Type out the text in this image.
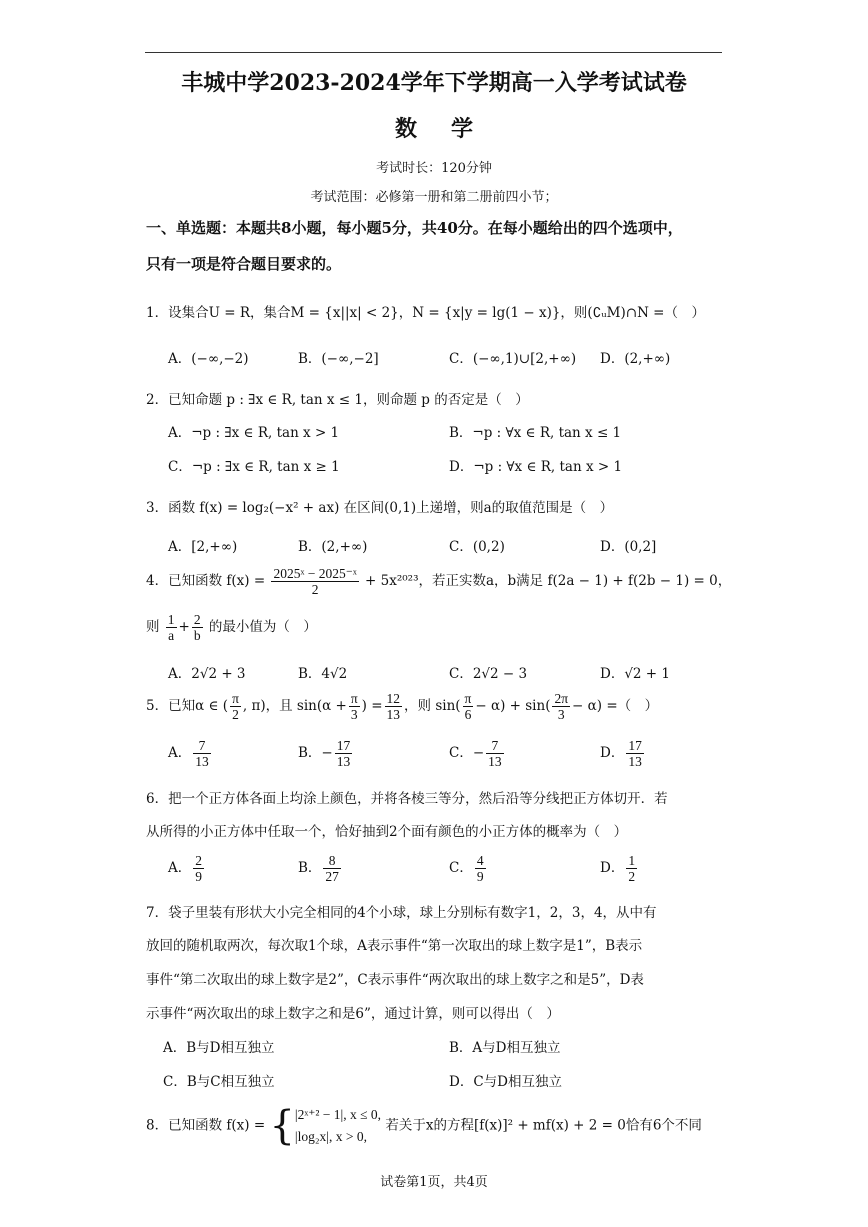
丰城中学2023-2024学年下学期高一入学考试试卷
数学
考试时长：120分钟
考试范围：必修第一册和第二册前四小节；
一、单选题：本题共8小题，每小题5分，共40分。在每小题给出的四个选项中，
只有一项是符合题目要求的。
1．设集合U = R，集合M = {x||x| < 2}，N = {x|y = lg(1 − x)}，则(∁ᵤM)∩N =（　）
A．(−∞,−2)	B．(−∞,−2]	C．(−∞,1)∪[2,+∞) D．(2,+∞)
2．已知命题 p : ∃x ∈ R, tan x ≤ 1，则命题 p 的否定是（　）
A．¬p : ∃x ∈ R, tan x > 1	B．¬p : ∀x ∈ R, tan x ≤ 1
C．¬p : ∃x ∈ R, tan x ≥ 1	D．¬p : ∀x ∈ R, tan x > 1
3．函数 f(x) = log₂(−x² + ax) 在区间(0,1)上递增，则a的取值范围是（　）
A．[2,+∞)	B．(2,+∞)	C．(0,2)	D．(0,2]
4．已知函数 $f(x) = \frac{\text{2025ˣ − 2025⁻ˣ}}{2} + 5x^{2023}$，若正实数a，b满足 f(2a − 1) + f(2b − 1) = 0，
则 $\frac{1}{a} + \frac{2}{b}$ 的最小值为（　）
A．2√2 + 3	B．4√2	C．2√2 − 3	D．√2 + 1
5．已知α ∈ ( $\frac{\pi}{2}$ , π)，且 $\sin(\alpha + \frac{\pi}{3}$ ) = $\frac{12}{13}$ ，则 $\sin( \frac{\pi}{6} - \alpha) + \sin( \frac{2\pi}{3} - \alpha)$ =（　）
A． $\frac{7}{13}$	B．− $\frac{17}{13}$	C．− $\frac{7}{13}$	D． $\frac{17}{13}$
6．把一个正方体各面上均涂上颜色，并将各棱三等分，然后沿等分线把正方体切开．若
从所得的小正方体中任取一个，恰好抽到2个面有颜色的小正方体的概率为（　）
A． $\frac{2}{9}$	B． $\frac{8}{27}$	C． $\frac{4}{9}$	D． $\frac{1}{2}$
7．袋子里装有形状大小完全相同的4个小球，球上分别标有数字1，2，3，4，从中有
放回的随机取两次，每次取1个球，A表示事件“第一次取出的球上数字是1”，B表示
事件“第二次取出的球上数字是2”，C表示事件“两次取出的球上数字之和是5”，D表
示事件“两次取出的球上数字之和是6”，通过计算，则可以得出（　）
A．B与D相互独立	B．A与D相互独立
C．B与C相互独立	D．C与D相互独立
8．已知函数 f(x) = { |2ˣ⁺² − 1|, x ≤ 0,
|log₂x|, x > 0,
若关于x的方程[f(x)]² + mf(x) + 2 = 0恰有6个不同
试卷第1页，共4页
